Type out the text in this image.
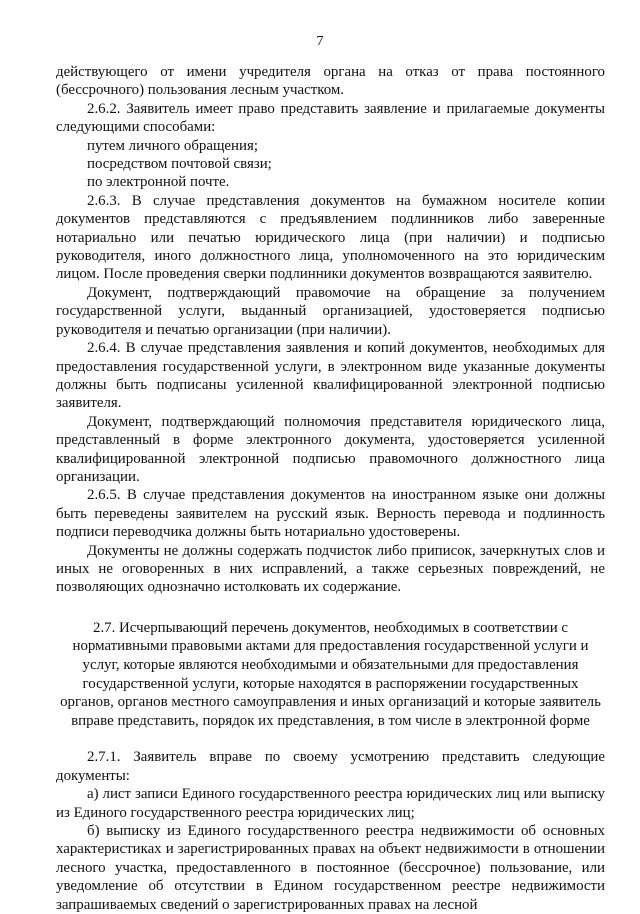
7

действующего от имени учредителя органа на отказ от права постоянного (бессрочного) пользования лесным участком.

2.6.2. Заявитель имеет право представить заявление и прилагаемые документы следующими способами:

путем личного обращения;

посредством почтовой связи;

по электронной почте.

2.6.3. В случае представления документов на бумажном носителе копии документов представляются с предъявлением подлинников либо заверенные нотариально или печатью юридического лица (при наличии) и подписью руководителя, иного должностного лица, уполномоченного на это юридическим лицом. После проведения сверки подлинники документов возвращаются заявителю.

Документ, подтверждающий правомочие на обращение за получением государственной услуги, выданный организацией, удостоверяется подписью руководителя и печатью организации (при наличии).

2.6.4. В случае представления заявления и копий документов, необходимых для предоставления государственной услуги, в электронном виде указанные документы должны быть подписаны усиленной квалифицированной электронной подписью заявителя.

Документ, подтверждающий полномочия представителя юридического лица, представленный в форме электронного документа, удостоверяется усиленной квалифицированной электронной подписью правомочного должностного лица организации.

2.6.5. В случае представления документов на иностранном языке они должны быть переведены заявителем на русский язык. Верность перевода и подлинность подписи переводчика должны быть нотариально удостоверены.

Документы не должны содержать подчисток либо приписок, зачеркнутых слов и иных не оговоренных в них исправлений, а также серьезных повреждений, не позволяющих однозначно истолковать их содержание.

2.7. Исчерпывающий перечень документов, необходимых в соответствии с нормативными правовыми актами для предоставления государственной услуги и услуг, которые являются необходимыми и обязательными для предоставления государственной услуги, которые находятся в распоряжении государственных органов, органов местного самоуправления и иных организаций и которые заявитель вправе представить, порядок их представления, в том числе в электронной форме

2.7.1. Заявитель вправе по своему усмотрению представить следующие документы:

а) лист записи Единого государственного реестра юридических лиц или выписку из Единого государственного реестра юридических лиц;

б) выписку из Единого государственного реестра недвижимости об основных характеристиках и зарегистрированных правах на объект недвижимости в отношении лесного участка, предоставленного в постоянное (бессрочное) пользование, или уведомление об отсутствии в Едином государственном реестре недвижимости запрашиваемых сведений о зарегистрированных правах на лесной
